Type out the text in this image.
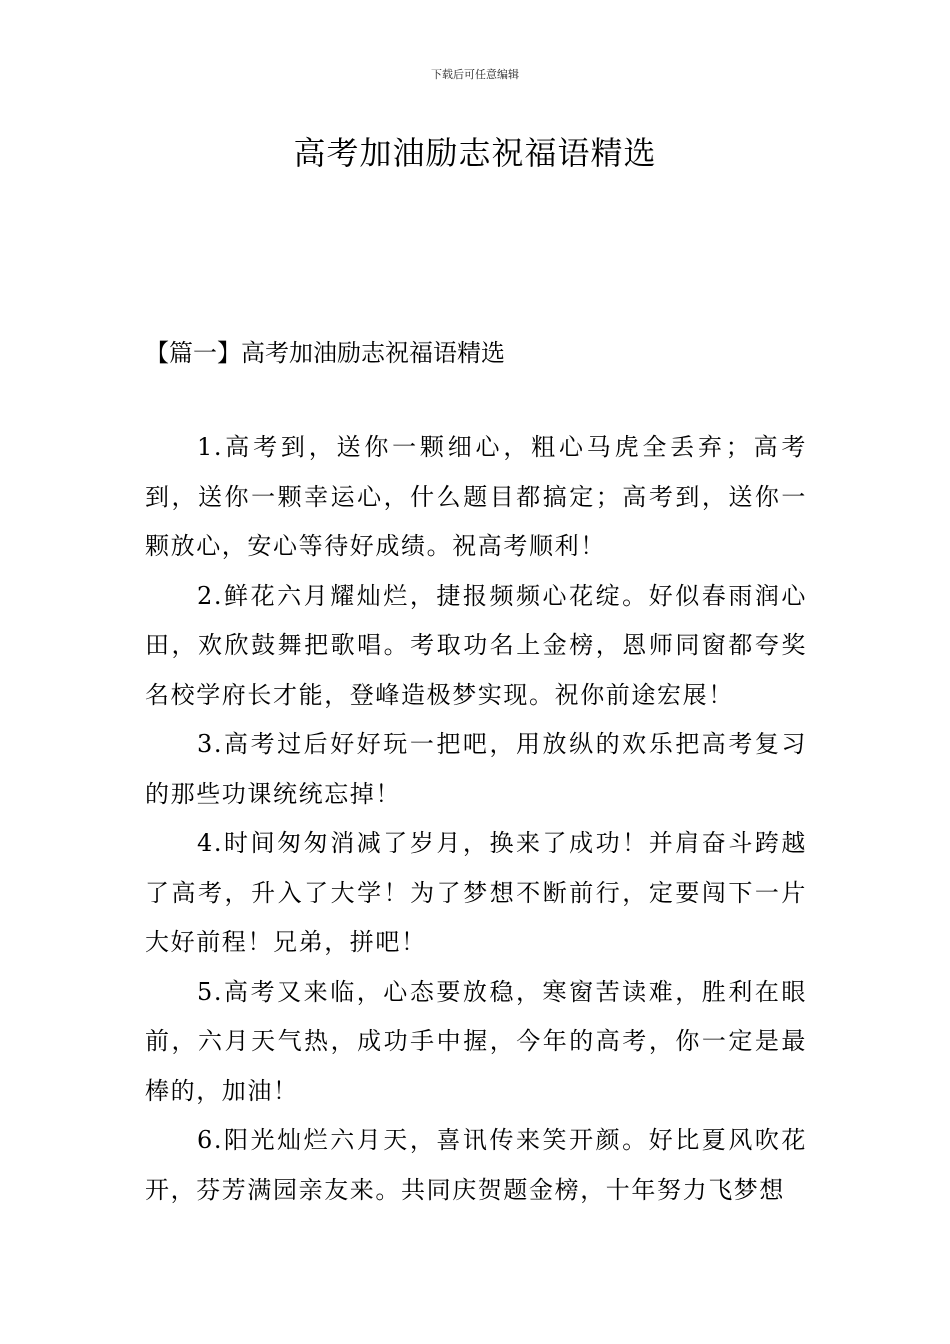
下载后可任意编辑
高考加油励志祝福语精选
【篇一】高考加油励志祝福语精选

1.高考到，送你一颗细心，粗心马虎全丢弃；高考到，送你一颗幸运心，什么题目都搞定；高考到，送你一颗放心，安心等待好成绩。祝高考顺利！

2.鲜花六月耀灿烂，捷报频频心花绽。好似春雨润心田，欢欣鼓舞把歌唱。考取功名上金榜，恩师同窗都夸奖名校学府长才能，登峰造极梦实现。祝你前途宏展！

3.高考过后好好玩一把吧，用放纵的欢乐把高考复习的那些功课统统忘掉！

4.时间匆匆消减了岁月，换来了成功！并肩奋斗跨越了高考，升入了大学！为了梦想不断前行，定要闯下一片大好前程！兄弟，拼吧！

5.高考又来临，心态要放稳，寒窗苦读难，胜利在眼前，六月天气热，成功手中握，今年的高考，你一定是最棒的，加油！

6.阳光灿烂六月天，喜讯传来笑开颜。好比夏风吹花开，芬芳满园亲友来。共同庆贺题金榜，十年努力飞梦想
